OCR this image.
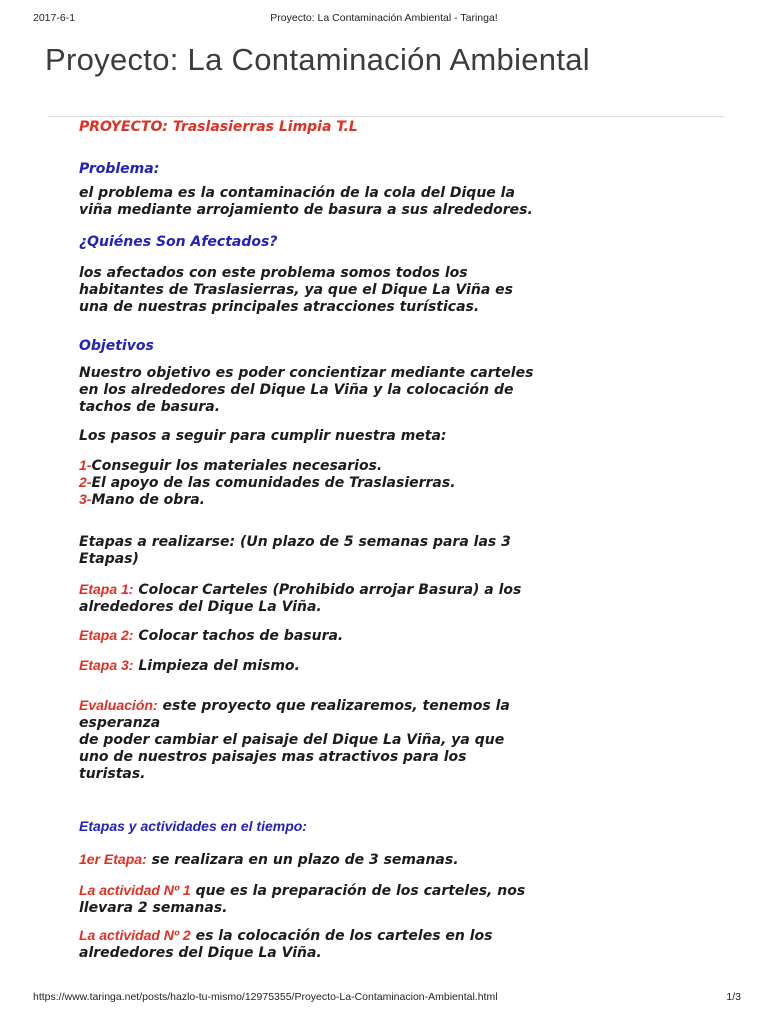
2017-6-1	Proyecto: La Contaminación Ambiental - Taringa!
Proyecto: La Contaminación Ambiental

PROYECTO: Traslasierras Limpia T.L

Problema:

el problema es la contaminación de la cola del Dique la
viña mediante arrojamiento de basura a sus alrededores.

¿Quiénes Son Afectados?

los afectados con este problema somos todos los
habitantes de Traslasierras, ya que el Dique La Viña es
una de nuestras principales atracciones turísticas.

Objetivos

Nuestro objetivo es poder concientizar mediante carteles
en los alrededores del Dique La Viña y la colocación de
tachos de basura.

Los pasos a seguir para cumplir nuestra meta:

1-Conseguir los materiales necesarios.
2-El apoyo de las comunidades de Traslasierras.
3-Mano de obra.

Etapas a realizarse: (Un plazo de 5 semanas para las 3
Etapas)

Etapa 1: Colocar Carteles (Prohibido arrojar Basura) a los
alrededores del Dique La Viña.

Etapa 2: Colocar tachos de basura.

Etapa 3: Limpieza del mismo.

Evaluación: este proyecto que realizaremos, tenemos la
esperanza
de poder cambiar el paisaje del Dique La Viña, ya que
uno de nuestros paisajes mas atractivos para los
turistas.

Etapas y actividades en el tiempo:

1er Etapa: se realizara en un plazo de 3 semanas.

La actividad Nº 1 que es la preparación de los carteles, nos
llevara 2 semanas.

La actividad Nº 2 es la colocación de los carteles en los
alrededores del Dique La Viña.

https://www.taringa.net/posts/hazlo-tu-mismo/12975355/Proyecto-La-Contaminacion-Ambiental.html	1/3
